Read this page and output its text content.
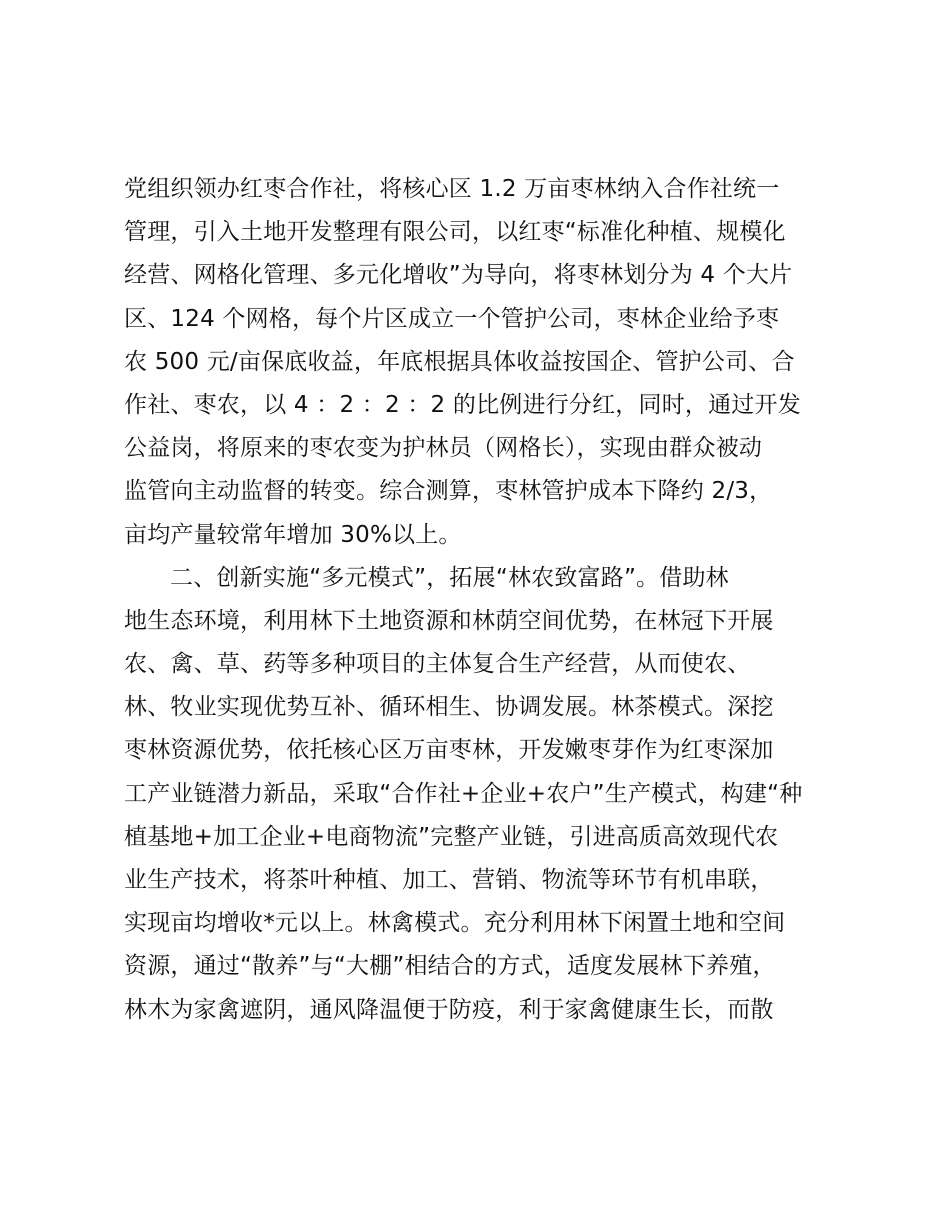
党组织领办红枣合作社，将核心区 1.2 万亩枣林纳入合作社统一
管理，引入土地开发整理有限公司，以红枣“标准化种植、规模化
经营、网格化管理、多元化增收”为导向，将枣林划分为 4 个大片
区、124 个网格，每个片区成立一个管护公司，枣林企业给予枣
农 500 元/亩保底收益，年底根据具体收益按国企、管护公司、合
作社、枣农，以 4 ：2 ：2 ：2 的比例进行分红，同时，通过开发
公益岗，将原来的枣农变为护林员（网格长），实现由群众被动
监管向主动监督的转变。综合测算，枣林管护成本下降约 2/3，
亩均产量较常年增加 30%以上。
二、创新实施“多元模式”，拓展“林农致富路”。借助林
地生态环境，利用林下土地资源和林荫空间优势，在林冠下开展
农、禽、草、药等多种项目的主体复合生产经营，从而使农、
林、牧业实现优势互补、循环相生、协调发展。林茶模式。深挖
枣林资源优势，依托核心区万亩枣林，开发嫩枣芽作为红枣深加
工产业链潜力新品，采取“合作社+企业+农户”生产模式，构建“种
植基地+加工企业+电商物流”完整产业链，引进高质高效现代农
业生产技术，将茶叶种植、加工、营销、物流等环节有机串联，
实现亩均增收*元以上。林禽模式。充分利用林下闲置土地和空间
资源，通过“散养”与“大棚”相结合的方式，适度发展林下养殖，
林木为家禽遮阴，通风降温便于防疫，利于家禽健康生长，而散
